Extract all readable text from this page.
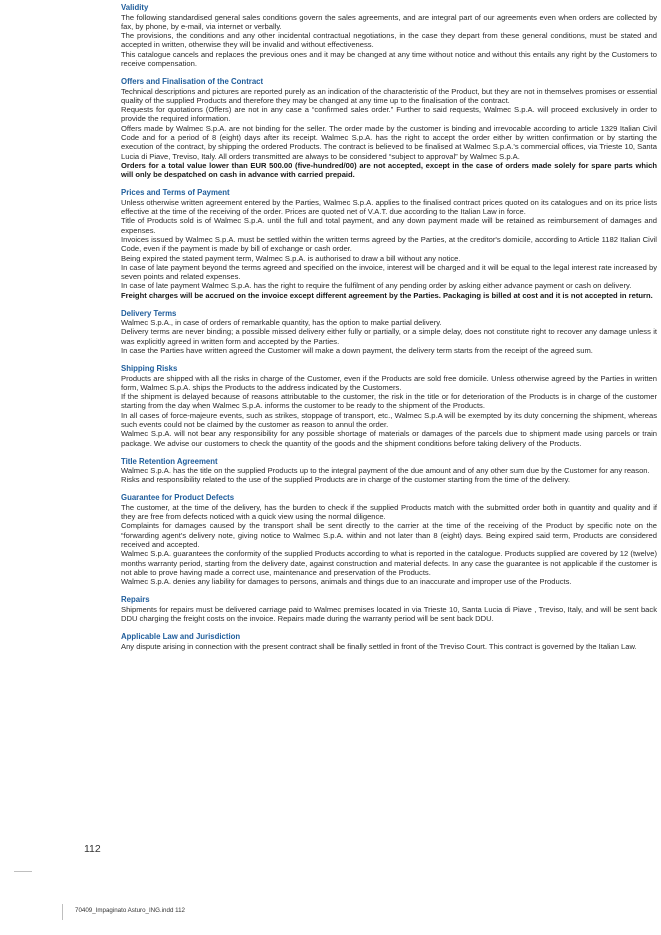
Validity

The following standardised general sales conditions govern the sales agreements, and are integral part of our agreements even when orders are collected by fax, by phone, by e-mail, via internet or verbally.

The provisions, the conditions and any other incidental contractual negotiations, in the case they depart from these general conditions, must be stated and accepted in written, otherwise they will be invalid and without effectiveness.

This catalogue cancels and replaces the previous ones and it may be changed at any time without notice and without this entails any right by the Customers to receive compensation.

Offers and Finalisation of the Contract

Technical descriptions and pictures are reported purely as an indication of the characteristic of the Product, but they are not in themselves promises or essential quality of the supplied Products and therefore they may be changed at any time up to the finalisation of the contract.

Requests for quotations (Offers) are not in any case a “confirmed sales order.” Further to said requests, Walmec S.p.A. will proceed exclusively in order to provide the required information.

Offers made by Walmec S.p.A. are not binding for the seller. The order made by the customer is binding and irrevocable according to article 1329 Italian Civil Code and for a period of 8 (eight) days after its receipt. Walmec S.p.A. has the right to accept the order either by written confirmation or by starting the execution of the contract, by shipping the ordered Products. The contract is believed to be finalised at Walmec S.p.A.'s commercial offices, via Trieste 10, Santa Lucia di Piave, Treviso, Italy. All orders transmitted are always to be considered “subject to approval” by Walmec S.p.A.

Orders for a total value lower than EUR 500.00 (five-hundred/00) are not accepted, except in the case of orders made solely for spare parts which will only be despatched on cash in advance with carried prepaid.

Prices and Terms of Payment

Unless otherwise written agreement entered by the Parties, Walmec S.p.A. applies to the finalised contract prices quoted on its catalogues and on its price lists effective at the time of the receiving of the order. Prices are quoted net of V.A.T. due according to the Italian Law in force.

Title of Products sold is of Walmec S.p.A. until the full and total payment, and any down payment made will be retained as reimbursement of damages and expenses.

Invoices issued by Walmec S.p.A. must be settled within the written terms agreed by the Parties, at the creditor's domicile, according to Article 1182 Italian Civil Code, even if the payment is made by bill of exchange or cash order.

Being expired the stated payment term, Walmec S.p.A. is authorised to draw a bill without any notice.

In case of late payment beyond the terms agreed and specified on the invoice, interest will be charged and it will be equal to the legal interest rate increased by seven points and related expenses.

In case of late payment Walmec S.p.A. has the right to require the fulfilment of any pending order by asking either advance payment or cash on delivery.

Freight charges will be accrued on the invoice except different agreement by the Parties. Packaging is billed at cost and it is not accepted in return.

Delivery Terms

Walmec S.p.A., in case of orders of remarkable quantity, has the option to make partial delivery.

Delivery terms are never binding; a possible missed delivery either fully or partially, or a simple delay, does not constitute right to recover any damage unless it was explicitly agreed in written form and accepted by the Parties.

In case the Parties have written agreed the Customer will make a down payment, the delivery term starts from the receipt of the agreed sum.

Shipping Risks

Products are shipped with all the risks in charge of the Customer, even if the Products are sold free domicile. Unless otherwise agreed by the Parties in written form, Walmec S.p.A. ships the Products to the address indicated by the Customers.

If the shipment is delayed because of reasons attributable to the customer, the risk in the title or for deterioration of the Products is in charge of the customer starting from the day when Walmec S.p.A. informs the customer to be ready to the shipment of the Products.

In all cases of force-majeure events, such as strikes, stoppage of transport, etc., Walmec S.p.A will be exempted by its duty concerning the shipment, whereas such events could not be claimed by the customer as reason to annul the order.

Walmec S.p.A. will not bear any responsibility for any possible shortage of materials or damages of the parcels due to shipment made using parcels or train package. We advise our customers to check the quantity of the goods and the shipment conditions before taking delivery of the Products.

Title Retention Agreement

Walmec S.p.A. has the title on the supplied Products up to the integral payment of the due amount and of any other sum due by the Customer for any reason.

Risks and responsibility related to the use of the supplied Products are in charge of the customer starting from the time of the delivery.

Guarantee for Product Defects

The customer, at the time of the delivery, has the burden to check if the supplied Products match with the submitted order both in quantity and quality and if they are free from defects noticed with a quick view using the normal diligence.

Complaints for damages caused by the transport shall be sent directly to the carrier at the time of the receiving of the Product by specific note on the “forwarding agent's delivery note, giving notice to Walmec S.p.A. within and not later than 8 (eight) days. Being expired said term, Products are considered received and accepted.

Walmec S.p.A. guarantees the conformity of the supplied Products according to what is reported in the catalogue. Products supplied are covered by 12 (twelve) months warranty period, starting from the delivery date, against construction and material defects. In any case the guarantee is not applicable if the customer is not able to prove having made a correct use, maintenance and preservation of the Products.

Walmec S.p.A. denies any liability for damages to persons, animals and things due to an inaccurate and improper use of the Products.

Repairs

Shipments for repairs must be delivered carriage paid to Walmec premises located in via Trieste 10, Santa Lucia di Piave , Treviso, Italy, and will be sent back DDU charging the freight costs on the invoice. Repairs made during the warranty period will be sent back DDU.

Applicable Law and Jurisdiction

Any dispute arising in connection with the present contract shall be finally settled in front of the Treviso Court. This contract is governed by the Italian Law.

112
70409_Impaginato Asturo_ING.indd 112
